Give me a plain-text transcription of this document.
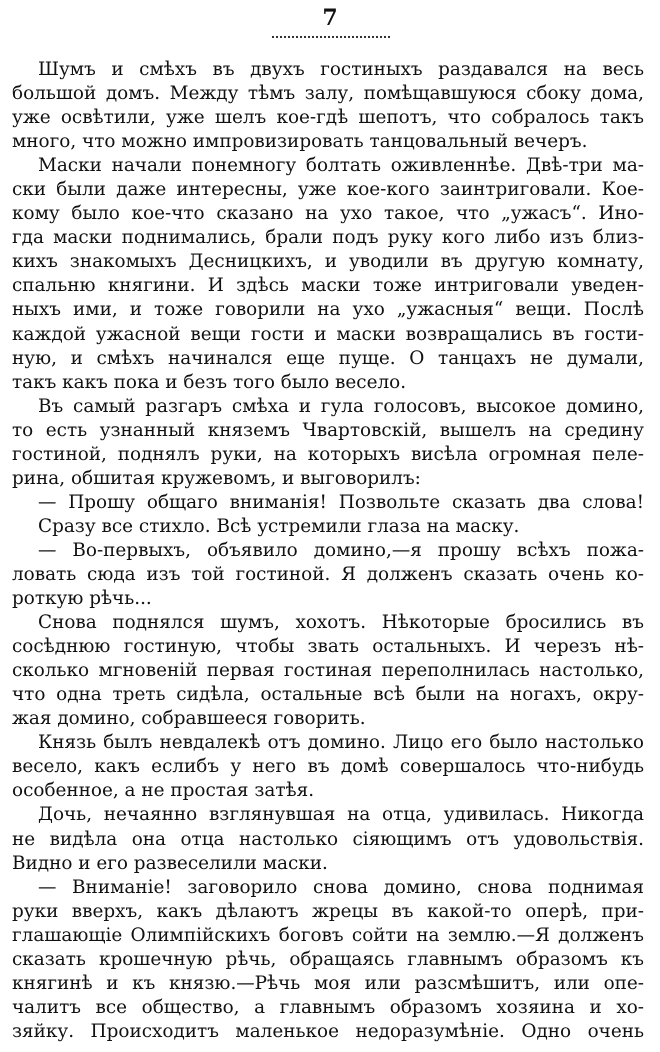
7
Шумъ и смѣхъ въ двухъ гостиныхъ раздавался на весь
большой домъ. Между тѣмъ залу, помѣщавшуюся сбоку дома,
уже освѣтили, уже шелъ кое-гдѣ шепотъ, что собралось такъ
много, что можно импровизировать танцовальный вечеръ.
Маски начали понемногу болтать оживленнѣе. Двѣ-три ма-
ски были даже интересны, уже кое-кого заинтриговали. Кое-
кому было кое-что сказано на ухо такое, что „ужасъ“. Ино-
гда маски поднимались, брали подъ руку кого либо изъ близ-
кихъ знакомыхъ Десницкихъ, и уводили въ другую комнату,
спальню княгини. И здѣсь маски тоже интриговали уведен-
ныхъ ими, и тоже говорили на ухо „ужасныя“ вещи. Послѣ
каждой ужасной вещи гости и маски возвращались въ гости-
ную, и смѣхъ начинался еще пуще. О танцахъ не думали,
такъ какъ пока и безъ того было весело.
Въ самый разгаръ смѣха и гула голосовъ, высокое домино,
то есть узнанный княземъ Чвартовскій, вышелъ на средину
гостиной, поднялъ руки, на которыхъ висѣла огромная пеле-
рина, обшитая кружевомъ, и выговорилъ:
— Прошу общаго вниманія! Позвольте сказать два слова!
Сразу все стихло. Всѣ устремили глаза на маску.
— Во-первыхъ, объявило домино,—я прошу всѣхъ пожа-
ловать сюда изъ той гостиной. Я долженъ сказать очень ко-
роткую рѣчь...
Снова поднялся шумъ, хохотъ. Нѣкоторые бросились въ
сосѣднюю гостиную, чтобы звать остальныхъ. И черезъ нѣ-
сколько мгновеній первая гостиная переполнилась настолько,
что одна треть сидѣла, остальные всѣ были на ногахъ, окру-
жая домино, собравшееся говорить.
Князь былъ невдалекѣ отъ домино. Лицо его было настолько
весело, какъ еслибъ у него въ домѣ совершалось что-нибудь
особенное, а не простая затѣя.
Дочь, нечаянно взглянувшая на отца, удивилась. Никогда
не видѣла она отца настолько сіяющимъ отъ удовольствія.
Видно и его развеселили маски.
— Вниманіе! заговорило снова домино, снова поднимая
руки вверхъ, какъ дѣлаютъ жрецы въ какой-то оперѣ, при-
глашающіе Олимпійскихъ боговъ сойти на землю.—Я долженъ
сказать крошечную рѣчь, обращаясь главнымъ образомъ къ
княгинѣ и къ князю.—Рѣчь моя или разсмѣшитъ, или опе-
чалитъ все общество, а главнымъ образомъ хозяина и хо-
зяйку. Происходитъ маленькое недоразумѣніе. Одно очень
